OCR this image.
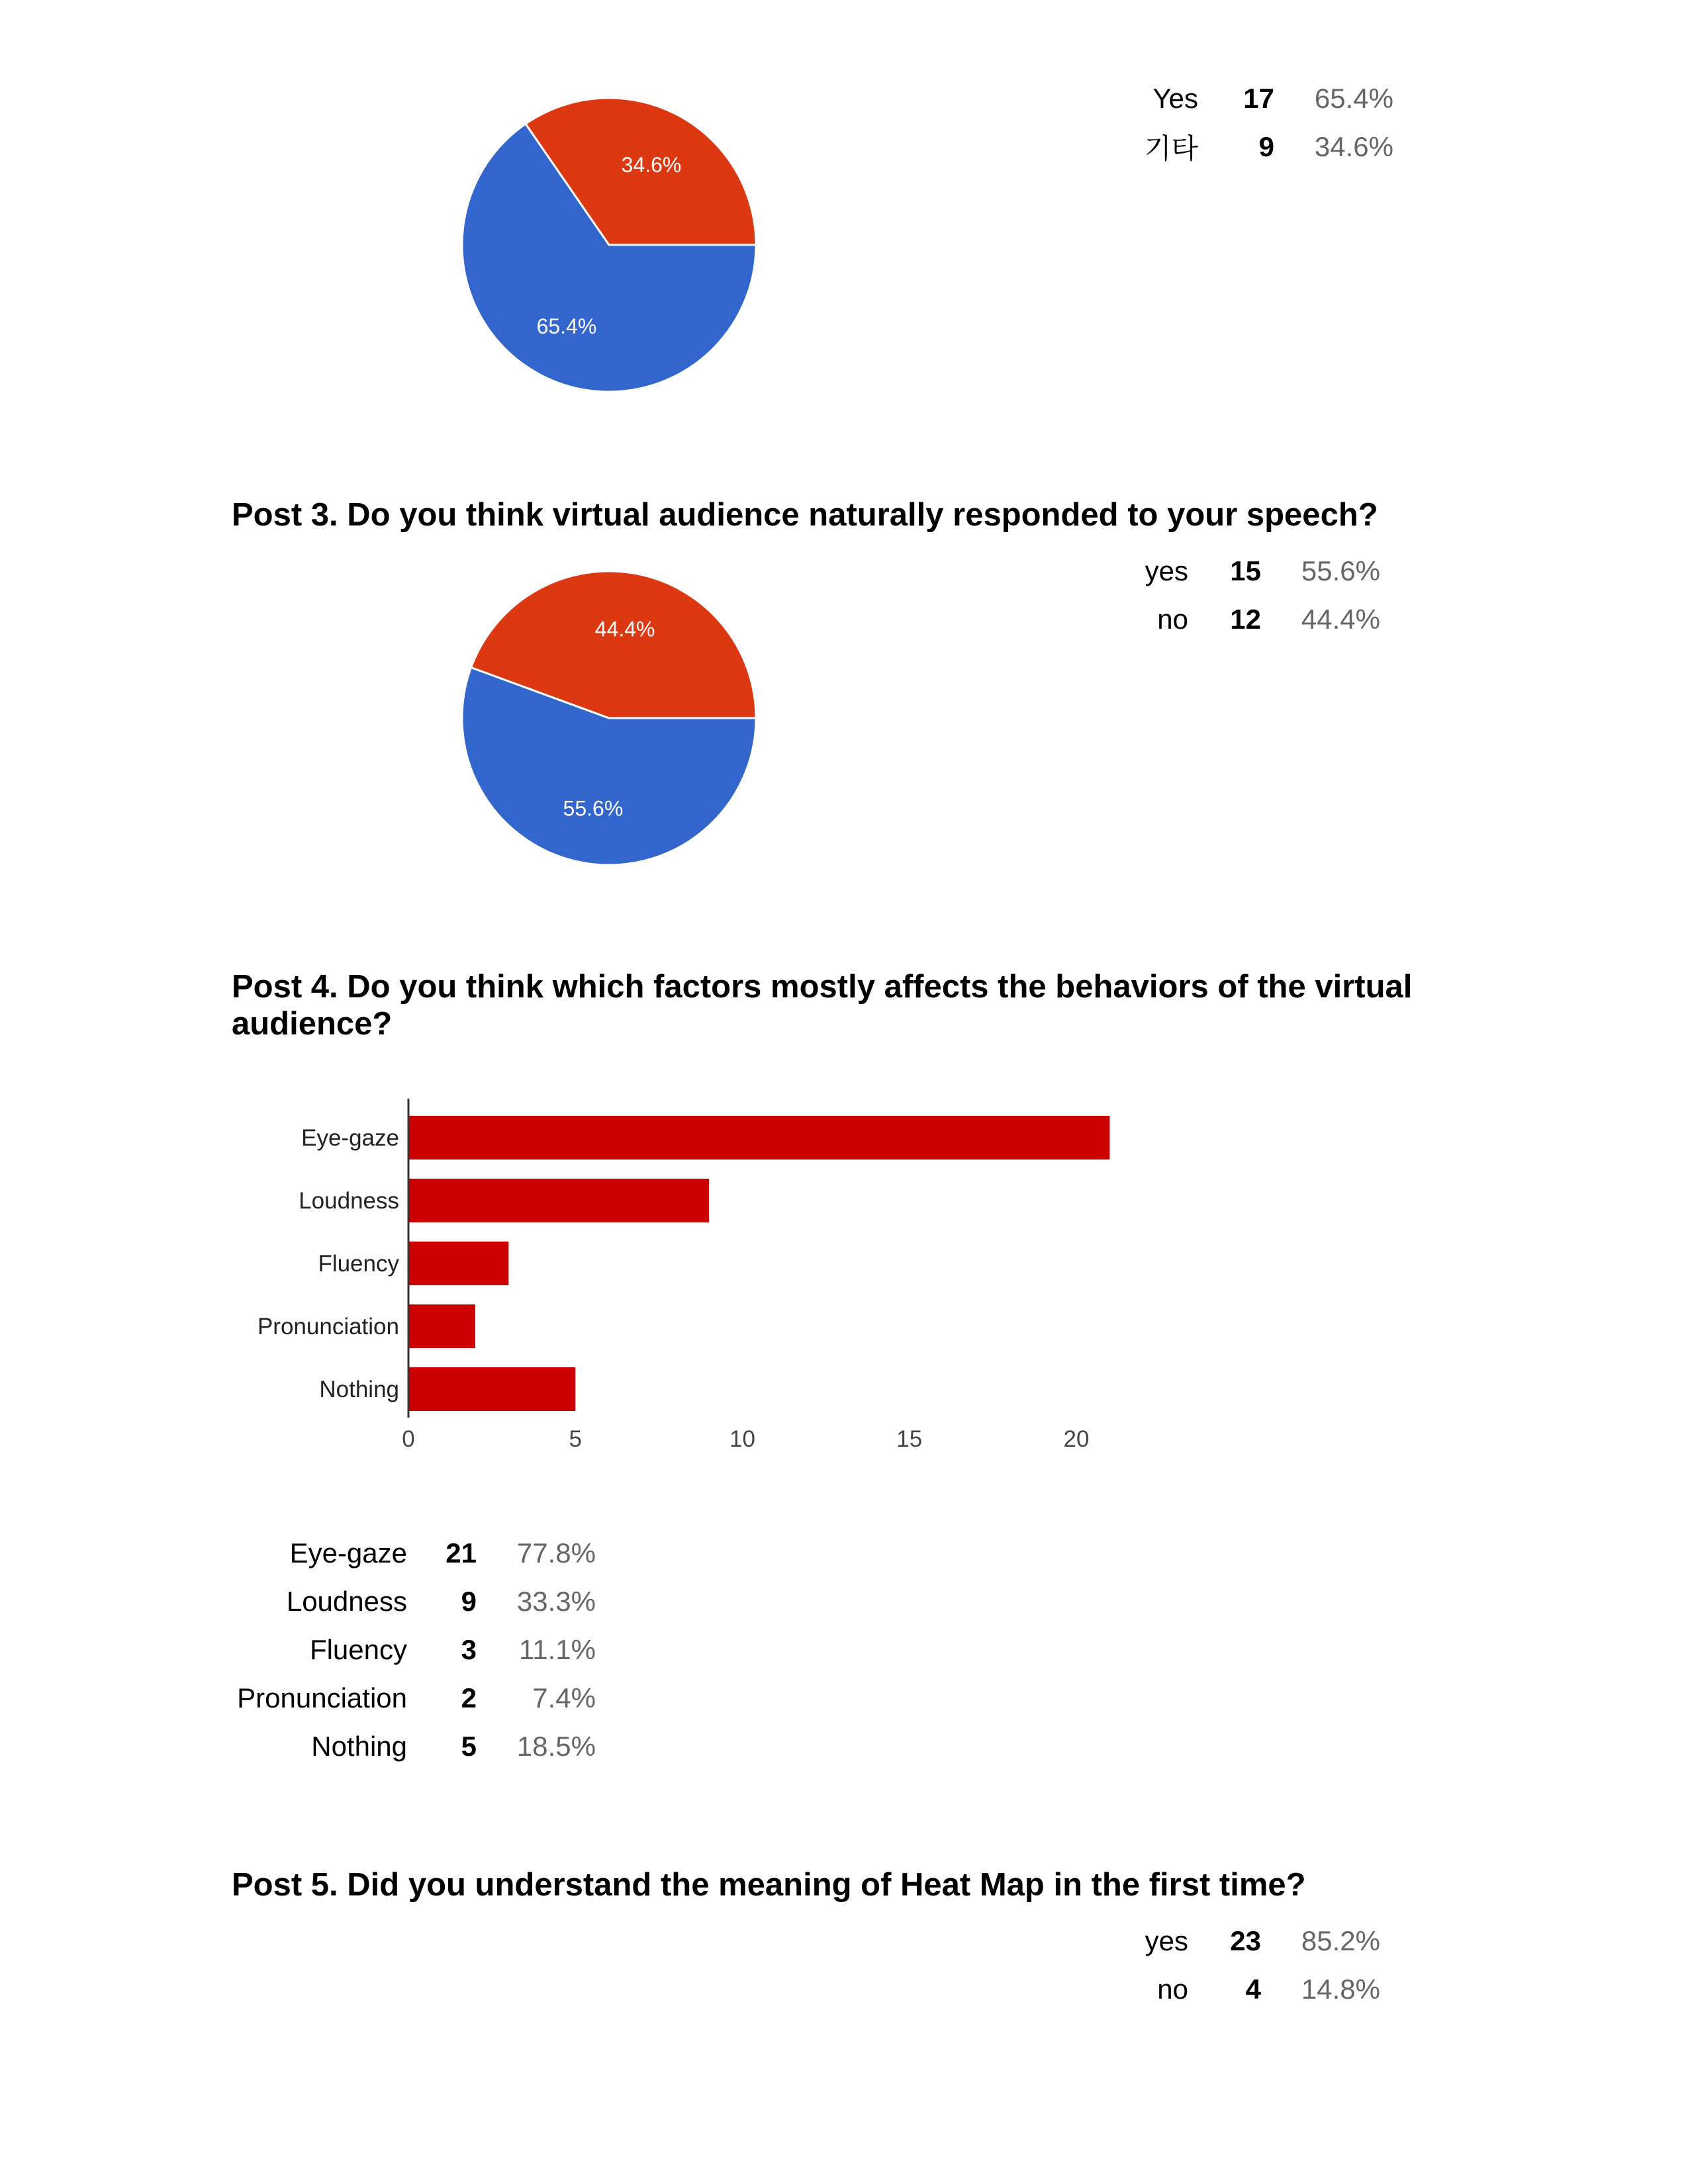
65.4%
34.6%
Yes	17	65.4%
기타	9	34.6%
Post 3. Do you think virtual audience naturally responded to your speech?
55.6%
44.4%
yes	15	55.6%
no	12	44.4%
Post 4. Do you think which factors mostly affects the behaviors of the virtual audience?
Eye-gaze
Loudness
Fluency
Pronunciation
Nothing
0	5	10	15	20
Eye-gaze	21	77.8%
Loudness	9	33.3%
Fluency	3	11.1%
Pronunciation	2	7.4%
Nothing	5	18.5%
Post 5. Did you understand the meaning of Heat Map in the first time?
yes	23	85.2%
no	4	14.8%
